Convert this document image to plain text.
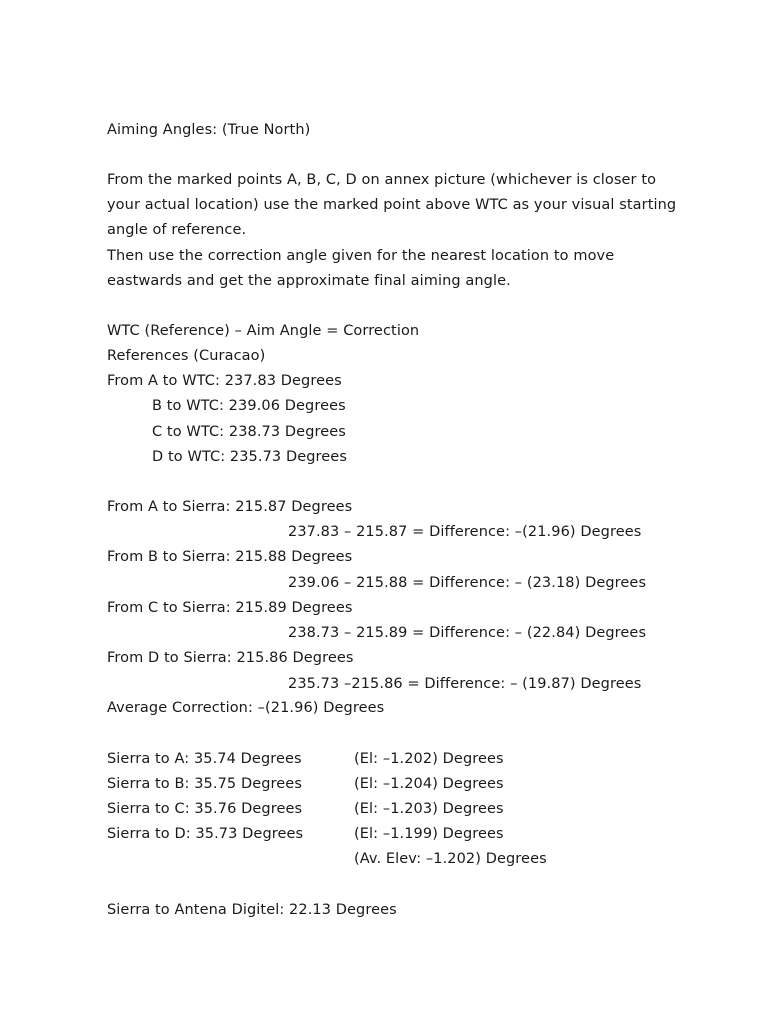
Aiming Angles: (True North)
From the marked points A, B, C, D on annex picture (whichever is closer to
your actual location) use the marked point above WTC as your visual starting
angle of reference.
Then use the correction angle given for the nearest location to move
eastwards and get the approximate final aiming angle.
WTC (Reference) – Aim Angle = Correction
References (Curacao)
From A to WTC: 237.83 Degrees
B to WTC: 239.06 Degrees
C to WTC: 238.73 Degrees
D to WTC: 235.73 Degrees
From A to Sierra: 215.87 Degrees
237.83 – 215.87 = Difference: –(21.96) Degrees
From B to Sierra: 215.88 Degrees
239.06 – 215.88 = Difference: – (23.18) Degrees
From C to Sierra: 215.89 Degrees
238.73 – 215.89 = Difference: – (22.84) Degrees
From D to Sierra: 215.86 Degrees
235.73 –215.86 = Difference: – (19.87) Degrees
Average Correction: –(21.96) Degrees
Sierra to A: 35.74 Degrees	(El: –1.202) Degrees
Sierra to B: 35.75 Degrees	(El: –1.204) Degrees
Sierra to C: 35.76 Degrees	(El: –1.203) Degrees
Sierra to D: 35.73 Degrees	(El: –1.199) Degrees
(Av. Elev: –1.202) Degrees
Sierra to Antena Digitel: 22.13 Degrees
